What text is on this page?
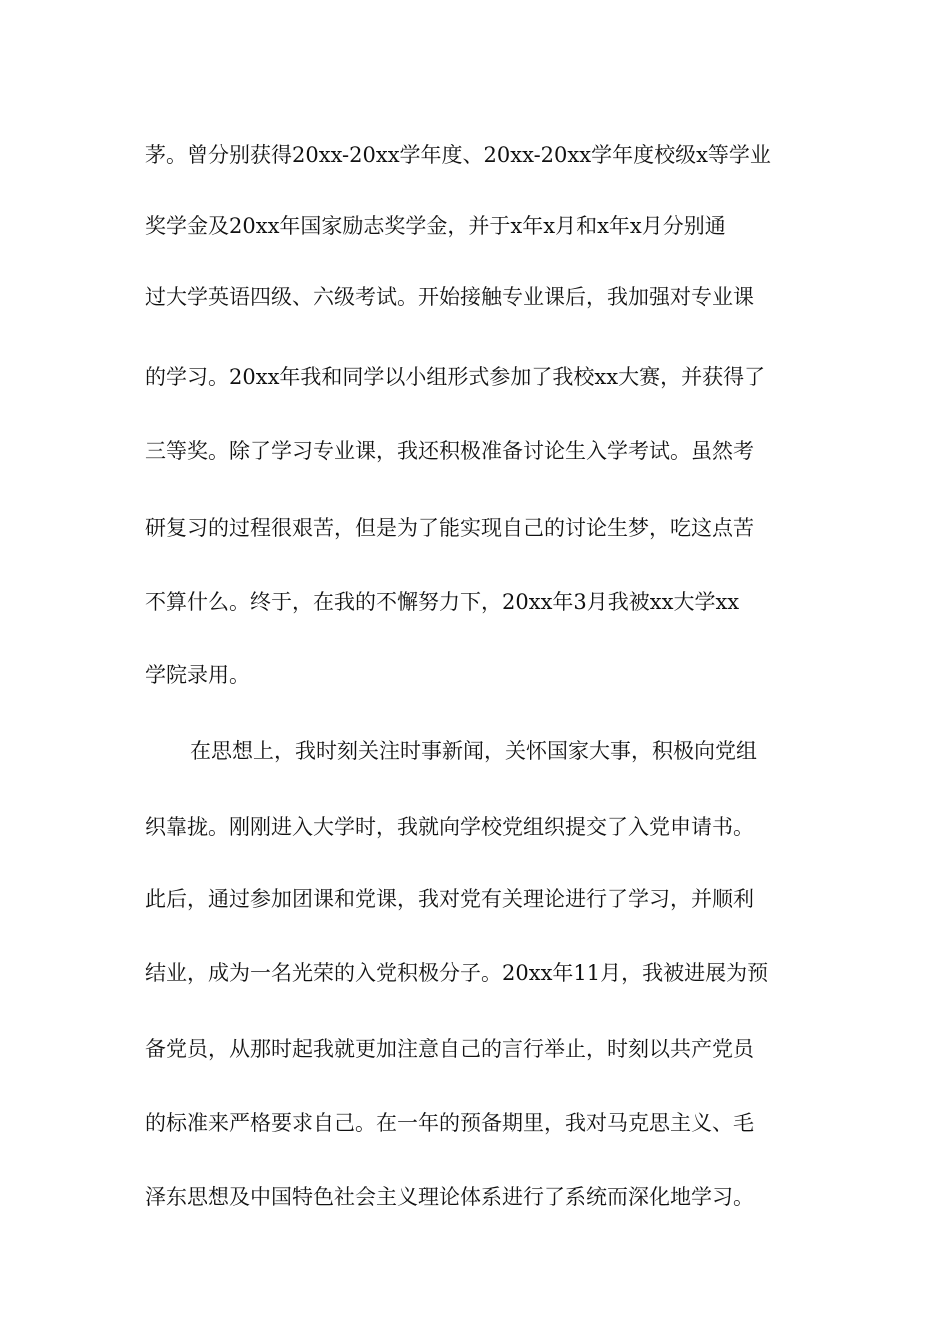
茅。曾分别获得20xx-20xx学年度、20xx-20xx学年度校级x等学业
奖学金及20xx年国家励志奖学金，并于x年x月和x年x月分别通
过大学英语四级、六级考试。开始接触专业课后，我加强对专业课
的学习。20xx年我和同学以小组形式参加了我校xx大赛，并获得了
三等奖。除了学习专业课，我还积极准备讨论生入学考试。虽然考
研复习的过程很艰苦，但是为了能实现自己的讨论生梦，吃这点苦
不算什么。终于，在我的不懈努力下，20xx年3月我被xx大学xx
学院录用。
在思想上，我时刻关注时事新闻，关怀国家大事，积极向党组
织靠拢。刚刚进入大学时，我就向学校党组织提交了入党申请书。
此后，通过参加团课和党课，我对党有关理论进行了学习，并顺利
结业，成为一名光荣的入党积极分子。20xx年11月，我被进展为预
备党员，从那时起我就更加注意自己的言行举止，时刻以共产党员
的标准来严格要求自己。在一年的预备期里，我对马克思主义、毛
泽东思想及中国特色社会主义理论体系进行了系统而深化地学习。
